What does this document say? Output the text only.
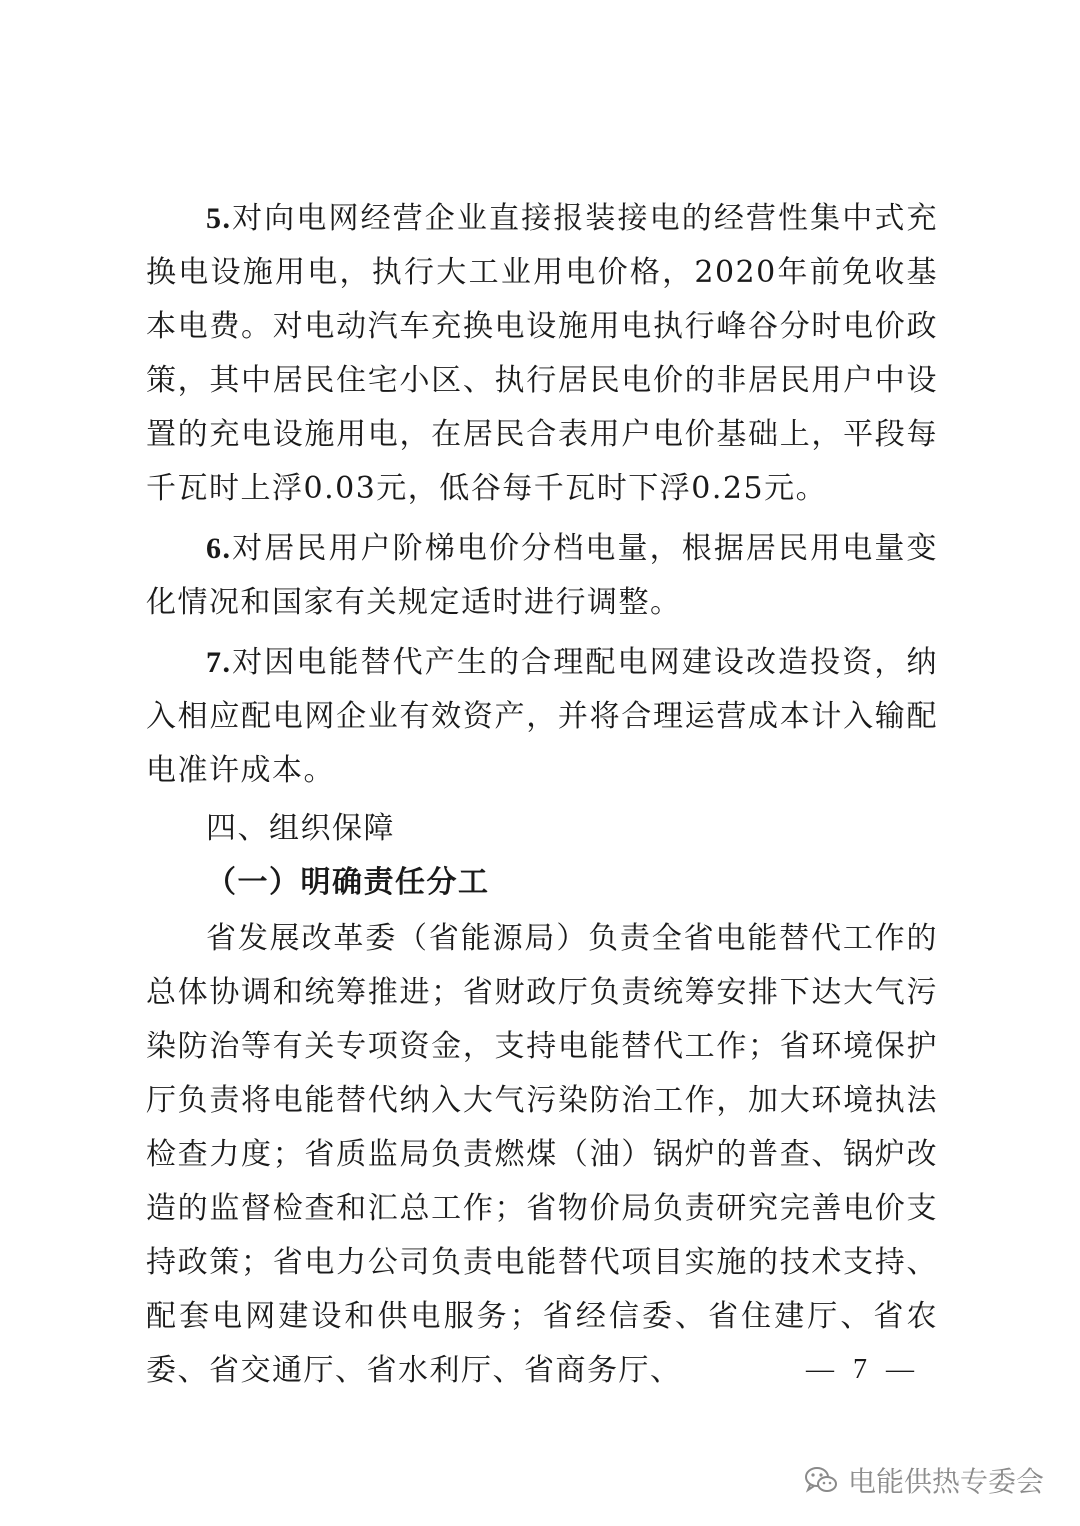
5.对向电网经营企业直接报装接电的经营性集中式充换电设施用电，执行大工业用电价格，2020年前免收基本电费。对电动汽车充换电设施用电执行峰谷分时电价政策，其中居民住宅小区、执行居民电价的非居民用户中设置的充电设施用电，在居民合表用户电价基础上，平段每千瓦时上浮0.03元，低谷每千瓦时下浮0.25元。

6.对居民用户阶梯电价分档电量，根据居民用电量变化情况和国家有关规定适时进行调整。

7.对因电能替代产生的合理配电网建设改造投资，纳入相应配电网企业有效资产，并将合理运营成本计入输配电准许成本。

四、组织保障

（一）明确责任分工

省发展改革委（省能源局）负责全省电能替代工作的总体协调和统筹推进；省财政厅负责统筹安排下达大气污染防治等有关专项资金，支持电能替代工作；省环境保护厅负责将电能替代纳入大气污染防治工作，加大环境执法检查力度；省质监局负责燃煤（油）锅炉的普查、锅炉改造的监督检查和汇总工作；省物价局负责研究完善电价支持政策；省电力公司负责电能替代项目实施的技术支持、配套电网建设和供电服务；省经信委、省住建厅、省农委、省交通厅、省水利厅、省商务厅、	— 7 —
电能供热专委会
